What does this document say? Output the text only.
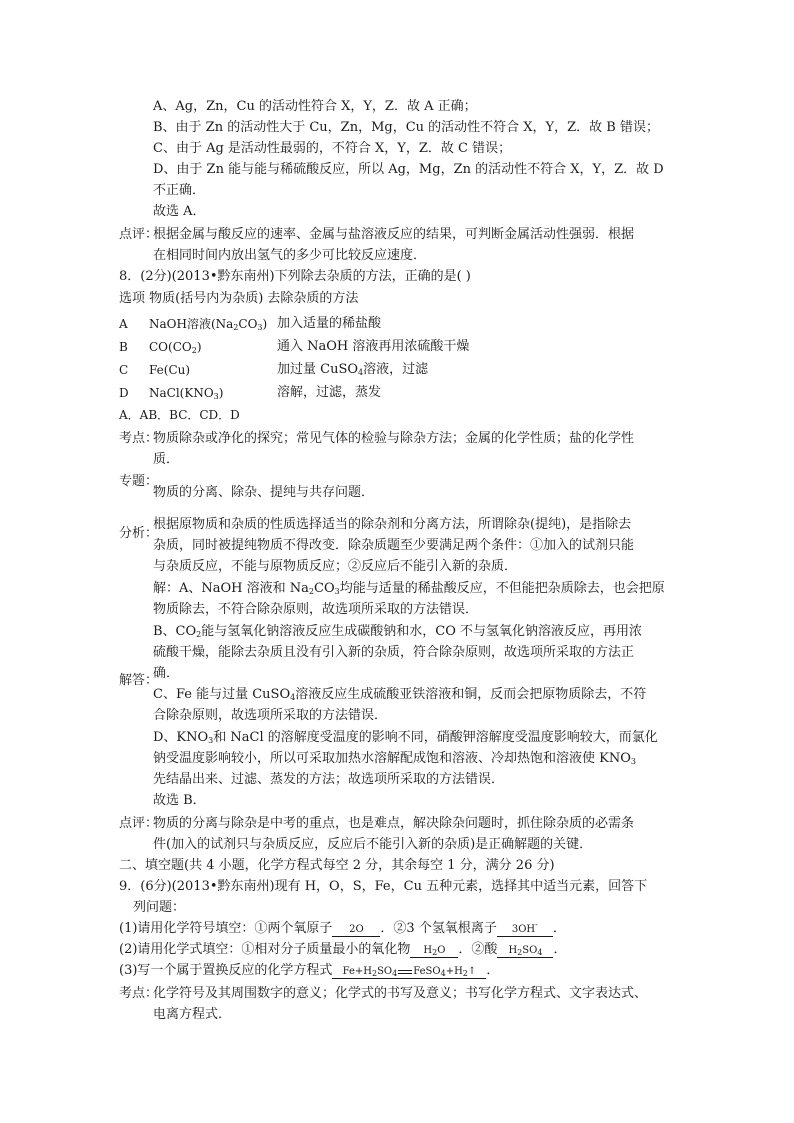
A、Ag，Zn，Cu 的活动性符合 X，Y，Z．故 A 正确；
B、由于 Zn 的活动性大于 Cu，Zn，Mg，Cu 的活动性不符合 X，Y，Z．故 B 错误；
C、由于 Ag 是活动性最弱的，不符合 X，Y，Z．故 C 错误；
D、由于 Zn 能与能与稀硫酸反应，所以 Ag，Mg，Zn 的活动性不符合 X，Y，Z．故 D
不正确．
故选 A．
点评：
根据金属与酸反应的速率、金属与盐溶液反应的结果，可判断金属活动性强弱．根据
在相同时间内放出氢气的多少可比较反应速度．
8．(2分)(2013•黔东南州)下列除去杂质的方法，正确的是( )
选项 物质(括号内为杂质) 去除杂质的方法
A NaOH溶液$(Na_2CO_3)$ 加入适量的稀盐酸
B $CO(CO_2)$	通入 NaOH 溶液再用浓硫酸干燥
C Fe(Cu)	加过量 CuSO$_4$溶液，过滤
D $NaCl(KNO_3)$	溶解，过滤，蒸发
A．AB．BC．CD．D
考点：
物质除杂或净化的探究；常见气体的检验与除杂方法；金属的化学性质；盐的化学性
质．
专题：
物质的分离、除杂、提纯与共存问题．
分析：
根据原物质和杂质的性质选择适当的除杂剂和分离方法，所谓除杂(提纯)，是指除去
杂质，同时被提纯物质不得改变．除杂质题至少要满足两个条件：①加入的试剂只能
与杂质反应，不能与原物质反应；②反应后不能引入新的杂质．
解答：
解：A、NaOH 溶液和 $Na_2CO_3$均能与适量的稀盐酸反应，不但能把杂质除去，也会把原
物质除去，不符合除杂原则，故选项所采取的方法错误．
B、$CO_2$能与氢氧化钠溶液反应生成碳酸钠和水，CO 不与氢氧化钠溶液反应，再用浓
硫酸干燥，能除去杂质且没有引入新的杂质，符合除杂原则，故选项所采取的方法正
确．
C、Fe 能与过量 CuSO$_4$溶液反应生成硫酸亚铁溶液和铜，反而会把原物质除去，不符
合除杂原则，故选项所采取的方法错误．
D、$KNO_3$和 NaCl 的溶解度受温度的影响不同，硝酸钾溶解度受温度影响较大，而氯化
钠受温度影响较小，所以可采取加热水溶解配成饱和溶液、冷却热饱和溶液使 $KNO_3$
先结晶出来、过滤、蒸发的方法；故选项所采取的方法错误．
故选 B．
点评：
物质的分离与除杂是中考的重点，也是难点，解决除杂问题时，抓住除杂质的必需条
件(加入的试剂只与杂质反应，反应后不能引入新的杂质)是正确解题的关键．
二、填空题(共 4 小题，化学方程式每空 2 分，其余每空 1 分，满分 26 分)
9．(6分)(2013•黔东南州)现有 H，O，S，Fe，Cu 五种元素，选择其中适当元素，回答下
列问题：
(1)请用化学符号填空：①两个氧原子 2O ．②3 个氢氧根离子 3OH- ．
(2)请用化学式填空：①相对分子质量最小的氧化物 $H_2O$ ．②酸 $H_2SO_4$ ．
(3)写一个属于置换反应的化学方程式 $Fe+H_2SO_4$ $FeSO_4+H_2↑$ ．
考点：
化学符号及其周围数字的意义；化学式的书写及意义；书写化学方程式、文字表达式、
电离方程式．
